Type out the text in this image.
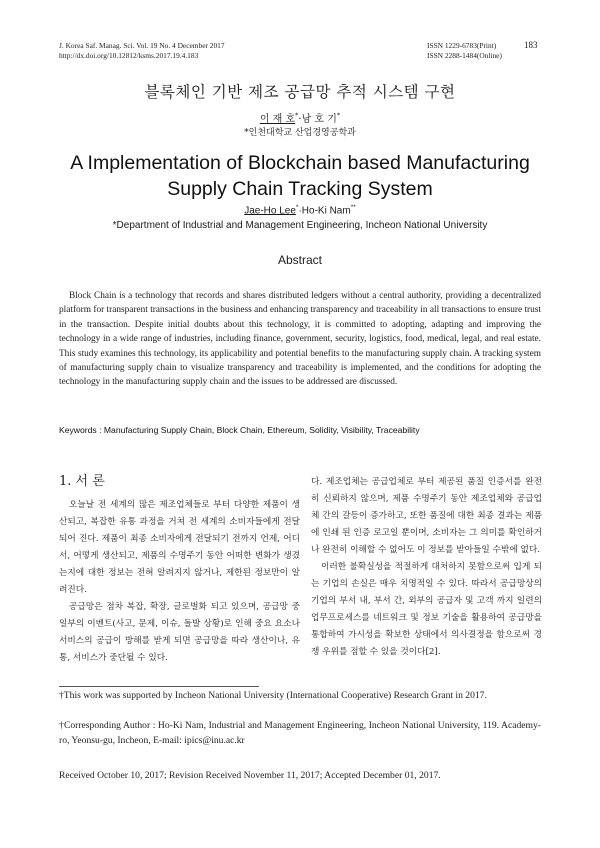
J. Korea Saf. Manag. Sci. Vol. 19 No. 4 December 2017
http://dx.doi.org/10.12812/ksms.2017.19.4.183
ISSN 1229-6783(Print)
ISSN 2288-1484(Online)
183
블록체인 기반 제조 공급망 추적 시스템 구현
이 재 호*·남 호 기*
*인천대학교 산업경영공학과
A Implementation of Blockchain based Manufacturing Supply Chain Tracking System
Jae-Ho Lee*·Ho-Ki Nam**
*Department of Industrial and Management Engineering, Incheon National University
Abstract
Block Chain is a technology that records and shares distributed ledgers without a central authority, providing a decentralized platform for transparent transactions in the business and enhancing transparency and traceability in all transactions to ensure trust in the transaction. Despite initial doubts about this technology, it is committed to adopting, adapting and improving the technology in a wide range of industries, including finance, government, security, logistics, food, medical, legal, and real estate. This study examines this technology, its applicability and potential benefits to the manufacturing supply chain. A tracking system of manufacturing supply chain to visualize transparency and traceability is implemented, and the conditions for adopting the technology in the manufacturing supply chain and the issues to be addressed are discussed.
Keywords : Manufacturing Supply Chain, Block Chain, Ethereum, Solidity, Visibility, Traceability
1. 서 론

오늘날 전 세계의 많은 제조업체들로 부터 다양한 제품이 생산되고, 복잡한 유통 과정을 거쳐 전 세계의 소비자들에게 전달되어 진다. 제품이 최종 소비자에게 전달되기 전까지 언제, 어디서, 어떻게 생산되고, 제품의 수명주기 동안 어떠한 변화가 생겼는지에 대한 정보는 전혀 알려지지 않거나, 제한된 정보만이 알려진다.

공급망은 점차 복잡, 확장, 글로벌화 되고 있으며, 공급망 중 일부의 이벤트(사고, 문제, 이슈, 돌발 상황)로 인해 중요 요소나 서비스의 공급이 방해를 받게 되면 공급망을 따라 생산이나, 유통, 서비스가 중단될 수 있다.

다. 제조업체는 공급업체로 부터 제공된 품질 인증서를 완전히 신뢰하지 않으며, 제품 수명주기 동안 제조업체와 공급업체 간의 갈등이 증가하고, 또한 품질에 대한 최종 결과는 제품에 인쇄 된 인증 로고일 뿐이며, 소비자는 그 의미를 확인하거나 완전히 이해할 수 없어도 이 정보를 받아들일 수밖에 없다.

이러한 불확실성을 적절하게 대처하지 못함으로써 입게 되는 기업의 손실은 매우 치명적일 수 있다. 따라서 공급망상의 기업의 부서 내, 부서 간, 외부의 공급자 및 고객 까지 일련의 업무프로세스를 네트워크 및 정보 기술을 활용하여 공급망을 통합하여 가시성을 확보한 상태에서 의사결정을 함으로써 경쟁 우위를 점할 수 있을 것이다[2].

†This work was supported by Incheon National University (International Cooperative) Research Grant in 2017.
†Corresponding Author : Ho-Ki Nam, Industrial and Management Engineering, Incheon National University, 119. Academy-ro, Yeonsu-gu, Incheon, E-mail: ipics@inu.ac.kr
Received October 10, 2017; Revision Received November 11, 2017; Accepted December 01, 2017.
